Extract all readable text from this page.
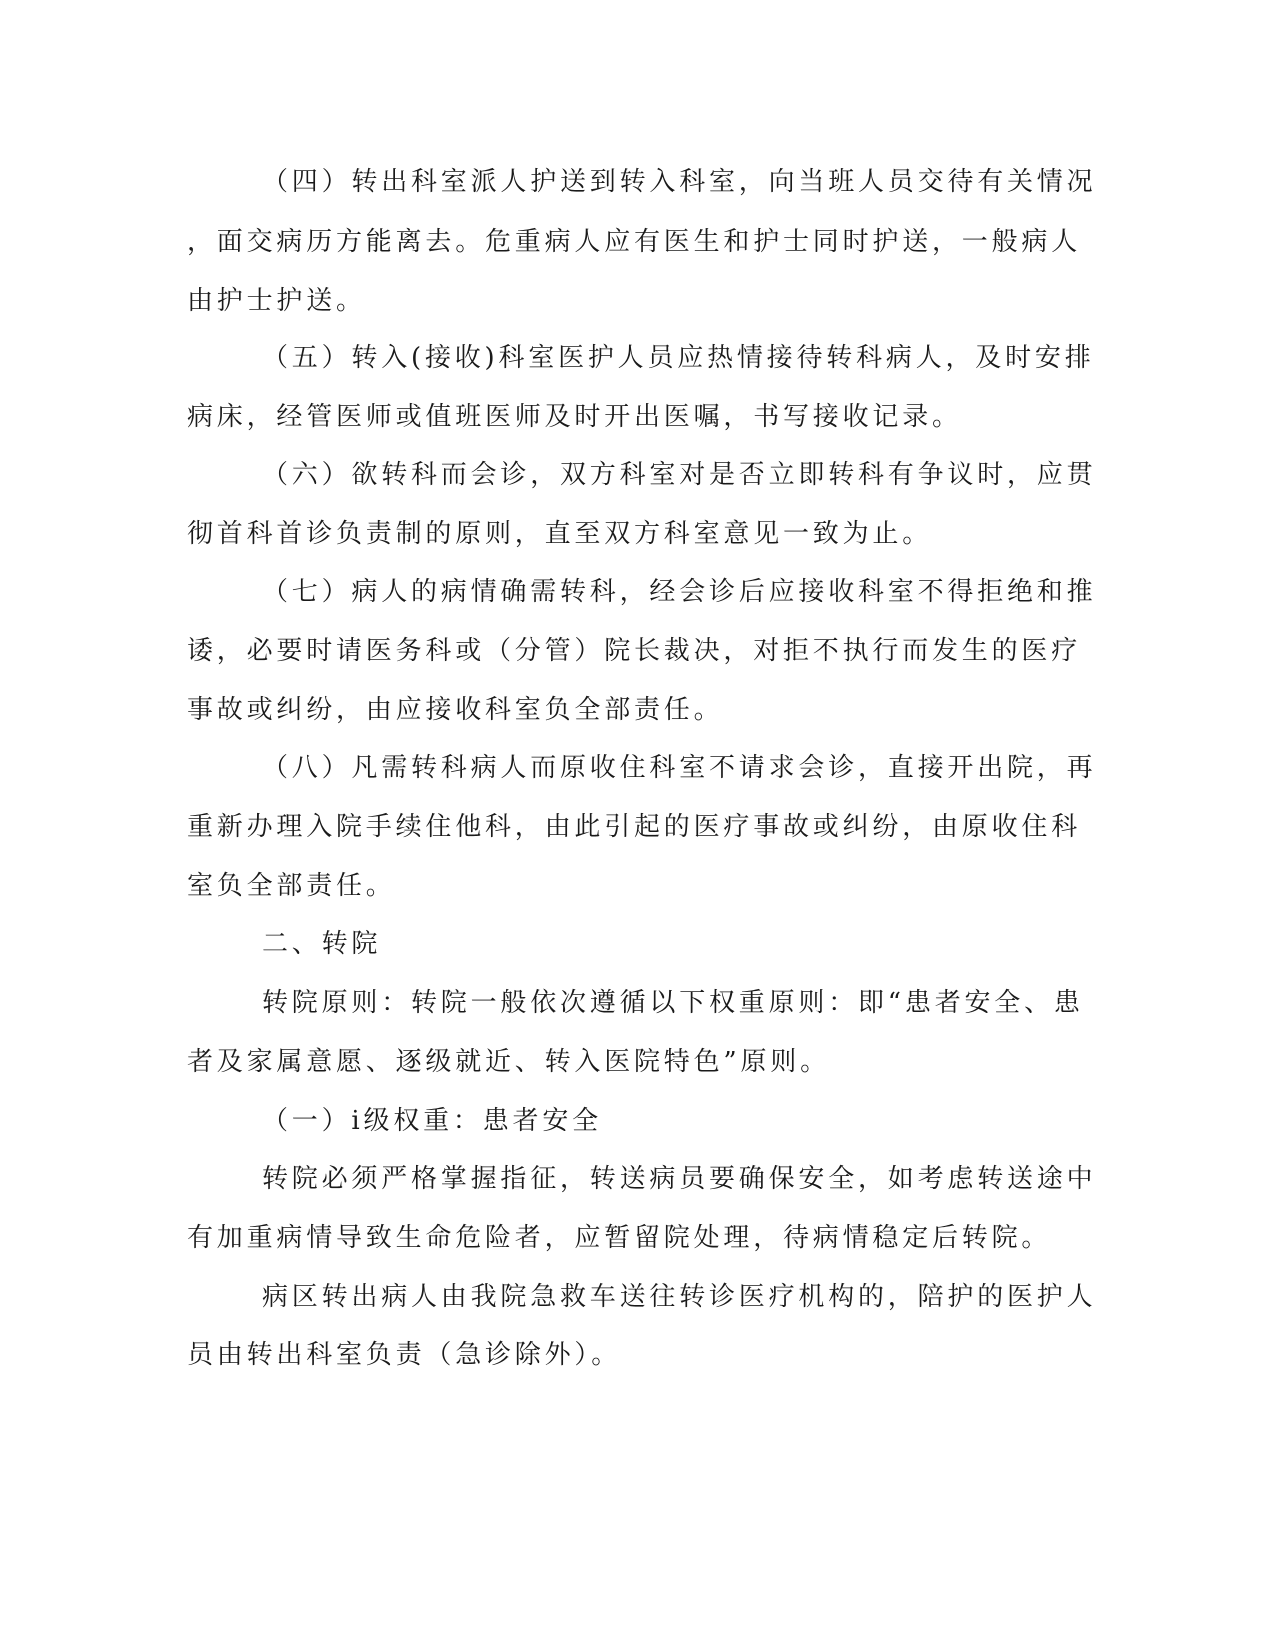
（四）转出科室派人护送到转入科室，向当班人员交待有关情况
，面交病历方能离去。危重病人应有医生和护士同时护送，一般病人
由护士护送。
（五）转入(接收)科室医护人员应热情接待转科病人，及时安排
病床，经管医师或值班医师及时开出医嘱，书写接收记录。
（六）欲转科而会诊，双方科室对是否立即转科有争议时，应贯
彻首科首诊负责制的原则，直至双方科室意见一致为止。
（七）病人的病情确需转科，经会诊后应接收科室不得拒绝和推
诿，必要时请医务科或（分管）院长裁决，对拒不执行而发生的医疗
事故或纠纷，由应接收科室负全部责任。
（八）凡需转科病人而原收住科室不请求会诊，直接开出院，再
重新办理入院手续住他科，由此引起的医疗事故或纠纷，由原收住科
室负全部责任。
二、转院
转院原则：转院一般依次遵循以下权重原则：即“患者安全、患
者及家属意愿、逐级就近、转入医院特色”原则。
（一）ⅰ级权重：患者安全
转院必须严格掌握指征，转送病员要确保安全，如考虑转送途中
有加重病情导致生命危险者，应暂留院处理，待病情稳定后转院。
病区转出病人由我院急救车送往转诊医疗机构的，陪护的医护人
员由转出科室负责（急诊除外）。
